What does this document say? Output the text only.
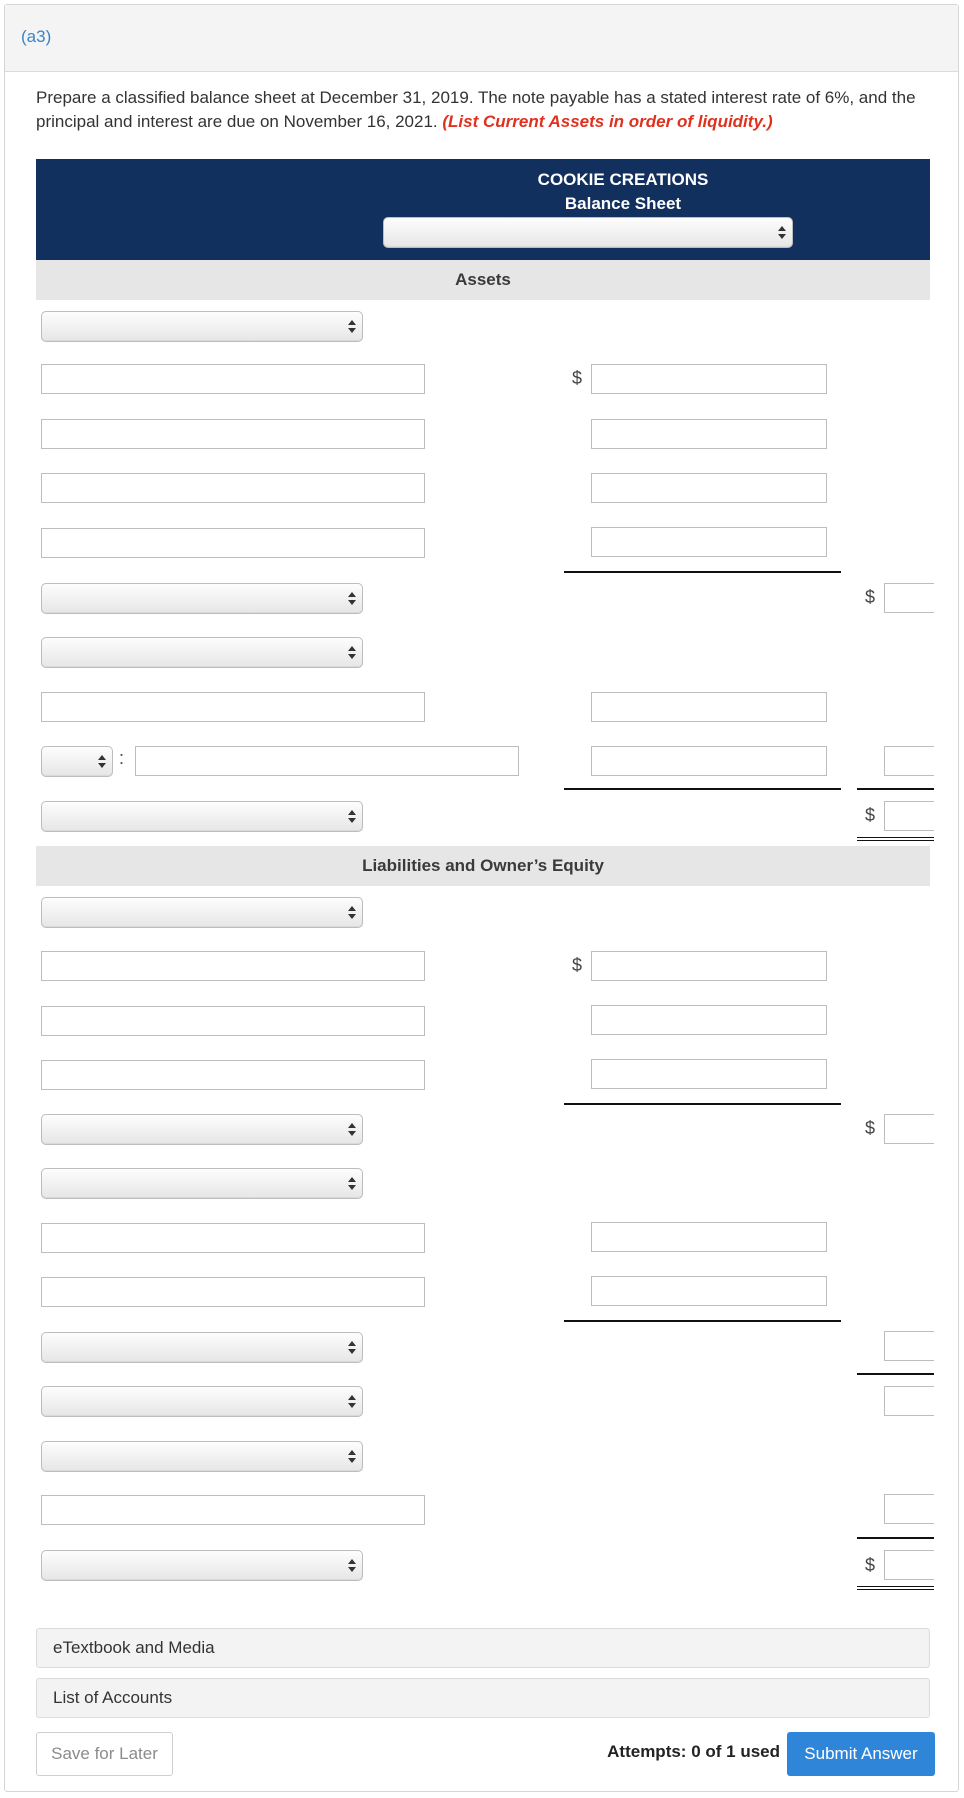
(a3)
Prepare a classified balance sheet at December 31, 2019. The note payable has a stated interest rate of 6%, and the principal and interest are due on November 16, 2021. (List Current Assets in order of liquidity.)
COOKIE CREATIONS
Balance Sheet
Assets
$
$
:
$
Liabilities and Owner’s Equity
$
$
$
eTextbook and Media
List of Accounts
Save for Later	Attempts: 0 of 1 used	Submit Answer
